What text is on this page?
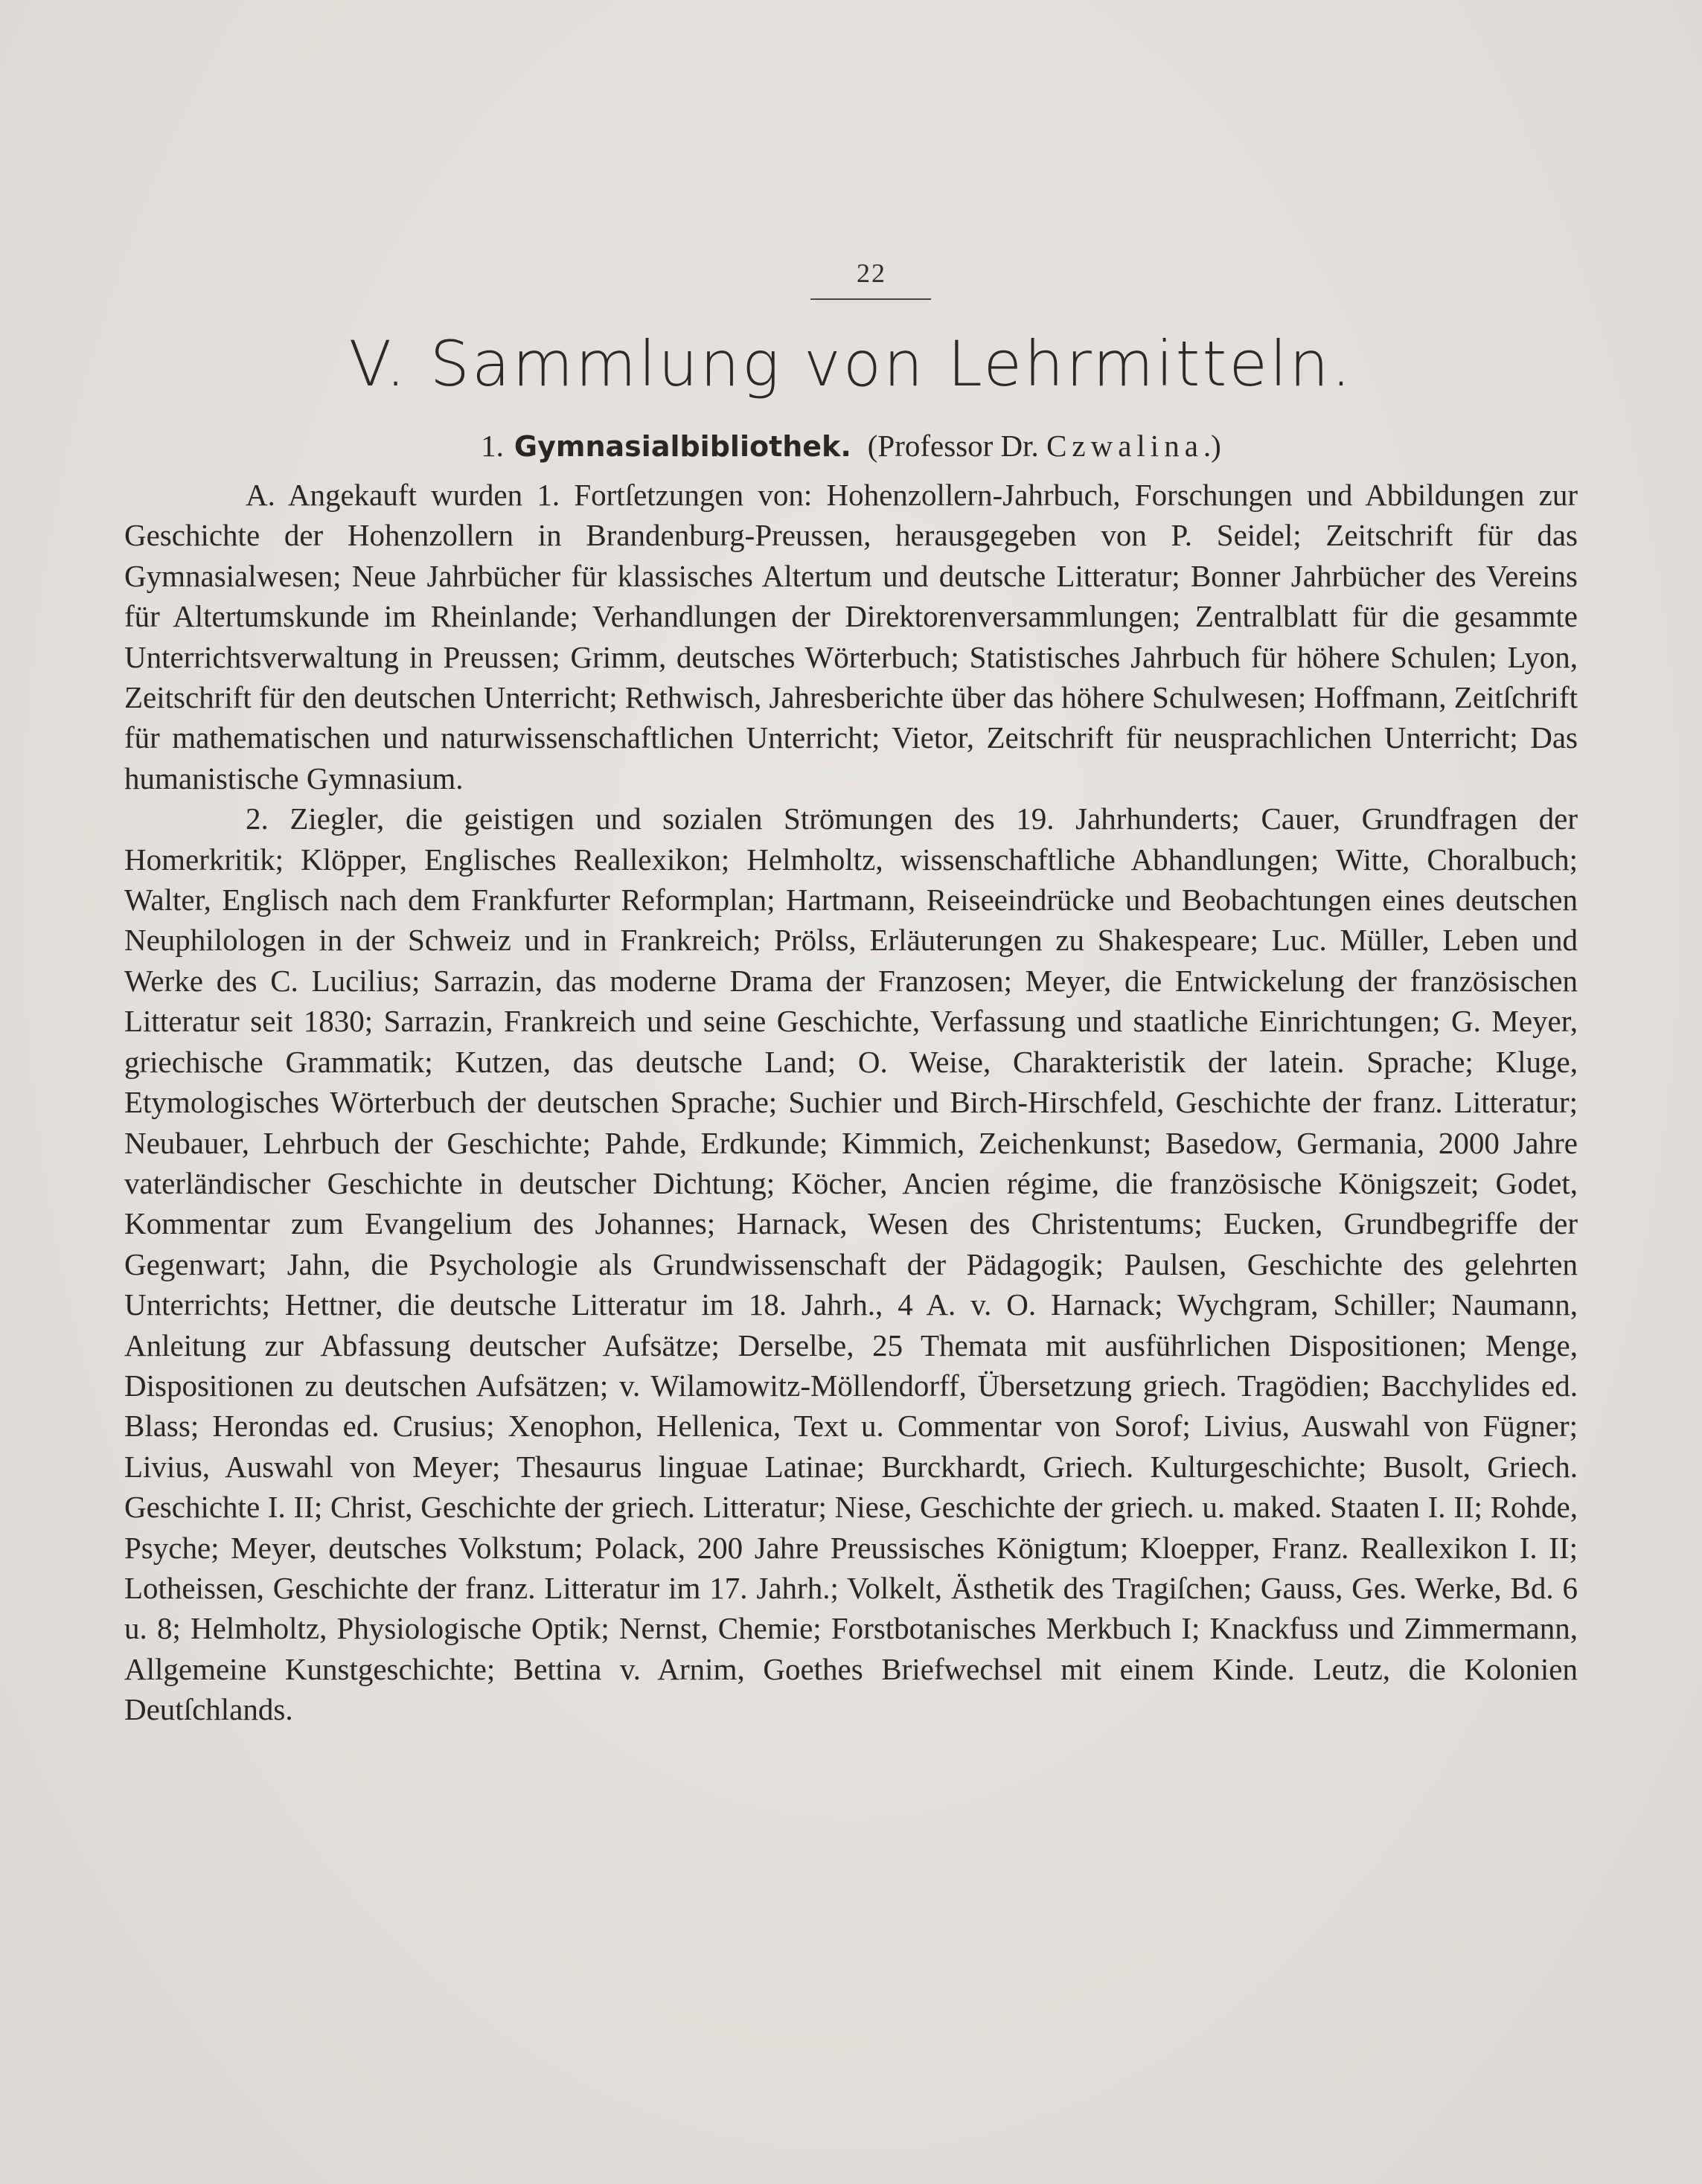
22
V. Sammlung von Lehrmitteln.
1. Gymnasialbibliothek. (Professor Dr. Czwalina.)

A. Angekauft wurden 1. Fortſetzungen von: Hohenzollern-Jahrbuch, Forschungen und Abbildungen zur Geschichte der Hohenzollern in Brandenburg-Preussen, herausgegeben von P. Seidel; Zeitschrift für das Gymnasialwesen; Neue Jahrbücher für klassisches Altertum und deutsche Litteratur; Bonner Jahrbücher des Vereins für Altertumskunde im Rheinlande; Verhandlungen der Direktorenversammlungen; Zentralblatt für die gesammte Unterrichtsverwaltung in Preussen; Grimm, deutsches Wörterbuch; Statistisches Jahrbuch für höhere Schulen; Lyon, Zeitschrift für den deutschen Unterricht; Rethwisch, Jahresberichte über das höhere Schulwesen; Hoffmann, Zeitſchrift für mathematischen und naturwissenschaftlichen Unterricht; Vietor, Zeitschrift für neusprachlichen Unterricht; Das humanistische Gymnasium.

2. Ziegler, die geistigen und sozialen Strömungen des 19. Jahrhunderts; Cauer, Grundfragen der Homerkritik; Klöpper, Englisches Reallexikon; Helmholtz, wissenschaftliche Abhandlungen; Witte, Choralbuch; Walter, Englisch nach dem Frankfurter Reformplan; Hartmann, Reiseeindrücke und Beobachtungen eines deutschen Neuphilologen in der Schweiz und in Frankreich; Prölss, Erläuterungen zu Shakespeare; Luc. Müller, Leben und Werke des C. Lucilius; Sarrazin, das moderne Drama der Franzosen; Meyer, die Entwickelung der französischen Litteratur seit 1830; Sarrazin, Frankreich und seine Geschichte, Verfassung und staatliche Einrichtungen; G. Meyer, griechische Grammatik; Kutzen, das deutsche Land; O. Weise, Charakteristik der latein. Sprache; Kluge, Etymologisches Wörterbuch der deutschen Sprache; Suchier und Birch-Hirschfeld, Geschichte der franz. Litteratur; Neubauer, Lehrbuch der Geschichte; Pahde, Erdkunde; Kimmich, Zeichenkunst; Basedow, Germania, 2000 Jahre vaterländischer Geschichte in deutscher Dichtung; Köcher, Ancien régime, die französische Königszeit; Godet, Kommentar zum Evangelium des Johannes; Harnack, Wesen des Christentums; Eucken, Grundbegriffe der Gegenwart; Jahn, die Psychologie als Grundwissenschaft der Pädagogik; Paulsen, Geschichte des gelehrten Unterrichts; Hettner, die deutsche Litteratur im 18. Jahrh., 4 A. v. O. Harnack; Wychgram, Schiller; Naumann, Anleitung zur Abfassung deutscher Aufsätze; Derselbe, 25 Themata mit ausführlichen Dispositionen; Menge, Dispositionen zu deutschen Aufsätzen; v. Wilamowitz-Möllendorff, Übersetzung griech. Tragödien; Bacchylides ed. Blass; Herondas ed. Crusius; Xenophon, Hellenica, Text u. Commentar von Sorof; Livius, Auswahl von Fügner; Livius, Auswahl von Meyer; Thesaurus linguae Latinae; Burckhardt, Griech. Kulturgeschichte; Busolt, Griech. Geschichte I. II; Christ, Geschichte der griech. Litteratur; Niese, Geschichte der griech. u. maked. Staaten I. II; Rohde, Psyche; Meyer, deutsches Volkstum; Polack, 200 Jahre Preussisches Königtum; Kloepper, Franz. Reallexikon I. II; Lotheissen, Geschichte der franz. Litteratur im 17. Jahrh.; Volkelt, Ästhetik des Tragiſchen; Gauss, Ges. Werke, Bd. 6 u. 8; Helmholtz, Physiologische Optik; Nernst, Chemie; Forstbotanisches Merkbuch I; Knackfuss und Zimmermann, Allgemeine Kunstgeschichte; Bettina v. Arnim, Goethes Briefwechsel mit einem Kinde. Leutz, die Kolonien Deutſchlands.
